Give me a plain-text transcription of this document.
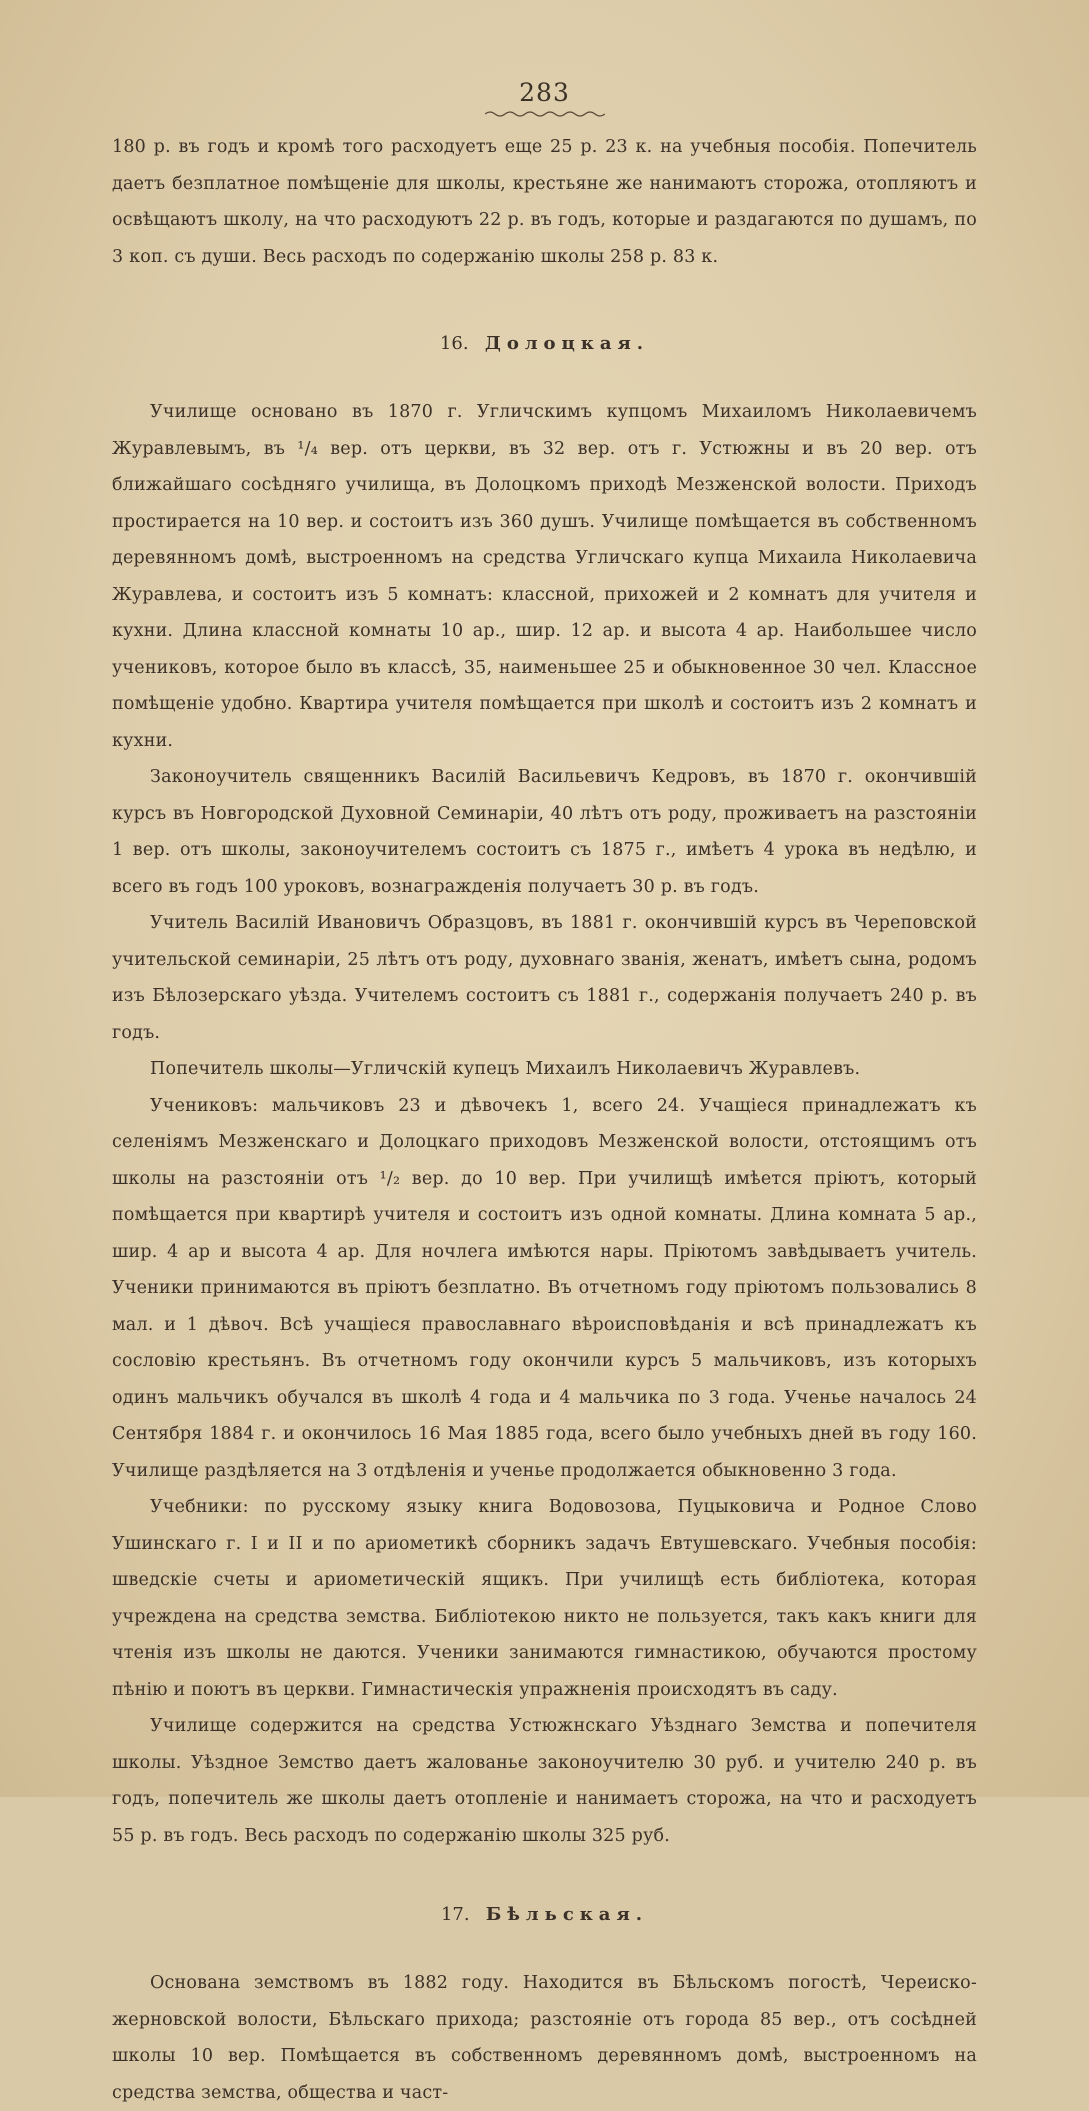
283

180 р. въ годъ и кромѣ того расходуетъ еще 25 р. 23 к. на учебныя пособія. Попечитель даетъ безплатное помѣщеніе для школы, крестьяне же нанимаютъ сторожа, отопляютъ и освѣщаютъ школу, на что расходуютъ 22 р. въ годъ, которые и раздагаются по душамъ, по 3 коп. съ души. Весь расходъ по содержанію школы 258 р. 83 к.

16. Долоцкая.

Училище основано въ 1870 г. Угличскимъ купцомъ Михаиломъ Николаевичемъ Журавлевымъ, въ ¹/₄ вер. отъ церкви, въ 32 вер. отъ г. Устюжны и въ 20 вер. отъ ближайшаго сосѣдняго училища, въ Долоцкомъ приходѣ Мезженской волости. Приходъ простирается на 10 вер. и состоитъ изъ 360 душъ. Училище помѣщается въ собственномъ деревянномъ домѣ, выстроенномъ на средства Угличскаго купца Михаила Николаевича Журавлева, и состоитъ изъ 5 комнатъ: классной, прихожей и 2 комнатъ для учителя и кухни. Длина классной комнаты 10 ар., шир. 12 ар. и высота 4 ар. Наибольшее число учениковъ, которое было въ классѣ, 35, наименьшее 25 и обыкновенное 30 чел. Классное помѣщеніе удобно. Квартира учителя помѣщается при школѣ и состоитъ изъ 2 комнатъ и кухни.

Законоучитель священникъ Василій Васильевичъ Кедровъ, въ 1870 г. окончившій курсъ въ Новгородской Духовной Семинаріи, 40 лѣтъ отъ роду, проживаетъ на разстояніи 1 вер. отъ школы, законоучителемъ состоитъ съ 1875 г., имѣетъ 4 урока въ недѣлю, и всего въ годъ 100 уроковъ, вознагражденія получаетъ 30 р. въ годъ.

Учитель Василій Ивановичъ Образцовъ, въ 1881 г. окончившій курсъ въ Череповской учительской семинаріи, 25 лѣтъ отъ роду, духовнаго званія, женатъ, имѣетъ сына, родомъ изъ Бѣлозерскаго уѣзда. Учителемъ состоитъ съ 1881 г., содержанія получаетъ 240 р. въ годъ.

Попечитель школы—Угличскій купецъ Михаилъ Николаевичъ Журавлевъ.

Учениковъ: мальчиковъ 23 и дѣвочекъ 1, всего 24. Учащіеся принадлежатъ къ селеніямъ Мезженскаго и Долоцкаго приходовъ Мезженской волости, отстоящимъ отъ школы на разстояніи отъ ¹/₂ вер. до 10 вер. При училищѣ имѣется пріютъ, который помѣщается при квартирѣ учителя и состоитъ изъ одной комнаты. Длина комната 5 ар., шир. 4 ар и высота 4 ар. Для ночлега имѣются нары. Пріютомъ завѣдываетъ учитель. Ученики принимаются въ пріютъ безплатно. Въ отчетномъ году пріютомъ пользовались 8 мал. и 1 дѣвоч. Всѣ учащіеся православнаго вѣроисповѣданія и всѣ принадлежатъ къ сословію крестьянъ. Въ отчетномъ году окончили курсъ 5 мальчиковъ, изъ которыхъ одинъ мальчикъ обучался въ школѣ 4 года и 4 мальчика по 3 года. Ученье началось 24 Сентября 1884 г. и окончилось 16 Мая 1885 года, всего было учебныхъ дней въ году 160. Училище раздѣляется на 3 отдѣленія и ученье продолжается обыкновенно 3 года.

Учебники: по русскому языку книга Водовозова, Пуцыковича и Родное Слово Ушинскаго г. I и II и по ариометикѣ сборникъ задачъ Евтушевскаго. Учебныя пособія: шведскіе счеты и ариометическій ящикъ. При училищѣ есть библіотека, которая учреждена на средства земства. Библіотекою никто не пользуется, такъ какъ книги для чтенія изъ школы не даются. Ученики занимаются гимнастикою, обучаются простому пѣнію и поютъ въ церкви. Гимнастическія упражненія происходятъ въ саду.

Училище содержится на средства Устюжнскаго Уѣзднаго Земства и попечителя школы. Уѣздное Земство даетъ жалованье законоучителю 30 руб. и учителю 240 р. въ годъ, попечитель же школы даетъ отопленіе и нанимаетъ сторожа, на что и расходуетъ 55 р. въ годъ. Весь расходъ по содержанію школы 325 руб.

17. Бѣльская.

Основана земствомъ въ 1882 году. Находится въ Бѣльскомъ погостѣ, Череиско-жерновской волости, Бѣльскаго прихода; разстояніе отъ города 85 вер., отъ сосѣдней школы 10 вер. Помѣщается въ собственномъ деревянномъ домѣ, выстроенномъ на средства земства, общества и част-
